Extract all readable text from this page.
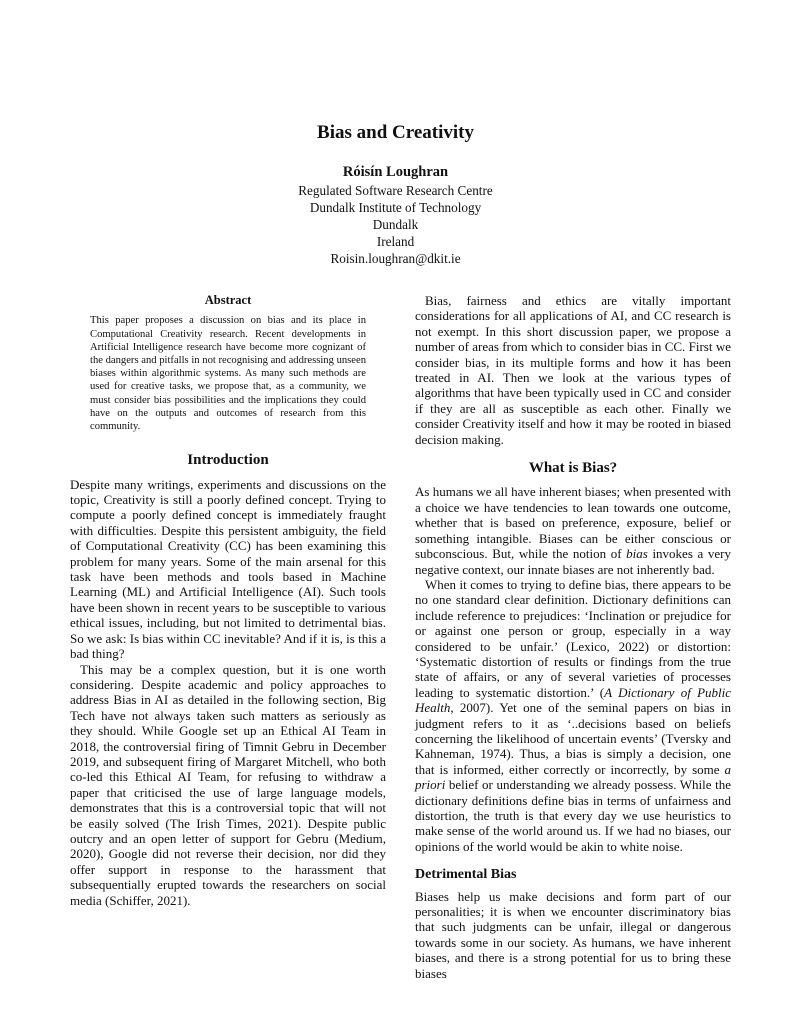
Bias and Creativity
Róisín Loughran
Regulated Software Research Centre
Dundalk Institute of Technology
Dundalk
Ireland
Roisin.loughran@dkit.ie
Abstract

This paper proposes a discussion on bias and its place in Computational Creativity research. Recent developments in Artificial Intelligence research have become more cognizant of the dangers and pitfalls in not recognising and addressing unseen biases within algorithmic systems. As many such methods are used for creative tasks, we propose that, as a community, we must consider bias possibilities and the implications they could have on the outputs and outcomes of research from this community.

Introduction

Despite many writings, experiments and discussions on the topic, Creativity is still a poorly defined concept. Trying to compute a poorly defined concept is immediately fraught with difficulties. Despite this persistent ambiguity, the field of Computational Creativity (CC) has been examining this problem for many years. Some of the main arsenal for this task have been methods and tools based in Machine Learning (ML) and Artificial Intelligence (AI). Such tools have been shown in recent years to be susceptible to various ethical issues, including, but not limited to detrimental bias. So we ask: Is bias within CC inevitable? And if it is, is this a bad thing?

This may be a complex question, but it is one worth considering. Despite academic and policy approaches to address Bias in AI as detailed in the following section, Big Tech have not always taken such matters as seriously as they should. While Google set up an Ethical AI Team in 2018, the controversial firing of Timnit Gebru in December 2019, and subsequent firing of Margaret Mitchell, who both co-led this Ethical AI Team, for refusing to withdraw a paper that criticised the use of large language models, demonstrates that this is a controversial topic that will not be easily solved (The Irish Times, 2021). Despite public outcry and an open letter of support for Gebru (Medium, 2020), Google did not reverse their decision, nor did they offer support in response to the harassment that subsequentially erupted towards the researchers on social media (Schiffer, 2021).

Bias, fairness and ethics are vitally important considerations for all applications of AI, and CC research is not exempt. In this short discussion paper, we propose a number of areas from which to consider bias in CC. First we consider bias, in its multiple forms and how it has been treated in AI. Then we look at the various types of algorithms that have been typically used in CC and consider if they are all as susceptible as each other. Finally we consider Creativity itself and how it may be rooted in biased decision making.

What is Bias?

As humans we all have inherent biases; when presented with a choice we have tendencies to lean towards one outcome, whether that is based on preference, exposure, belief or something intangible. Biases can be either conscious or subconscious. But, while the notion of bias invokes a very negative context, our innate biases are not inherently bad.

When it comes to trying to define bias, there appears to be no one standard clear definition. Dictionary definitions can include reference to prejudices: ‘Inclination or prejudice for or against one person or group, especially in a way considered to be unfair.’ (Lexico, 2022) or distortion: ‘Systematic distortion of results or findings from the true state of affairs, or any of several varieties of processes leading to systematic distortion.’ (A Dictionary of Public Health, 2007). Yet one of the seminal papers on bias in judgment refers to it as ‘..decisions based on beliefs concerning the likelihood of uncertain events’ (Tversky and Kahneman, 1974). Thus, a bias is simply a decision, one that is informed, either correctly or incorrectly, by some a priori belief or understanding we already possess. While the dictionary definitions define bias in terms of unfairness and distortion, the truth is that every day we use heuristics to make sense of the world around us. If we had no biases, our opinions of the world would be akin to white noise.

Detrimental Bias

Biases help us make decisions and form part of our personalities; it is when we encounter discriminatory bias that such judgments can be unfair, illegal or dangerous towards some in our society. As humans, we have inherent biases, and there is a strong potential for us to bring these biases
